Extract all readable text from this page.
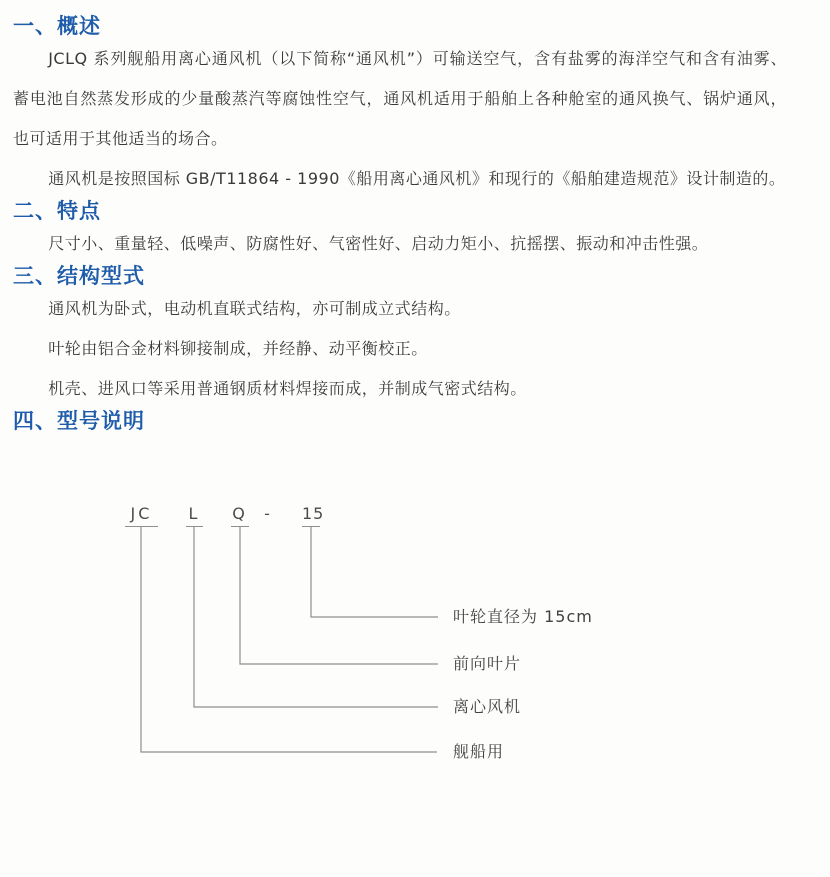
一、概述

JCLQ 系列舰船用离心通风机（以下简称“通风机”）可输送空气，含有盐雾的海洋空气和含有油雾、蓄电池自然蒸发形成的少量酸蒸汽等腐蚀性空气，通风机适用于船舶上各种舱室的通风换气、锅炉通风，也可适用于其他适当的场合。

通风机是按照国标 GB/T11864 - 1990《船用离心通风机》和现行的《船舶建造规范》设计制造的。

二、特点

尺寸小、重量轻、低噪声、防腐性好、气密性好、启动力矩小、抗摇摆、振动和冲击性强。

三、结构型式

通风机为卧式，电动机直联式结构，亦可制成立式结构。

叶轮由铝合金材料铆接制成，并经静、动平衡校正。

机壳、进风口等采用普通钢质材料焊接而成，并制成气密式结构。

四、型号说明
JC	L Q - 15
叶轮直径为 15cm
前向叶片
离心风机
舰船用
